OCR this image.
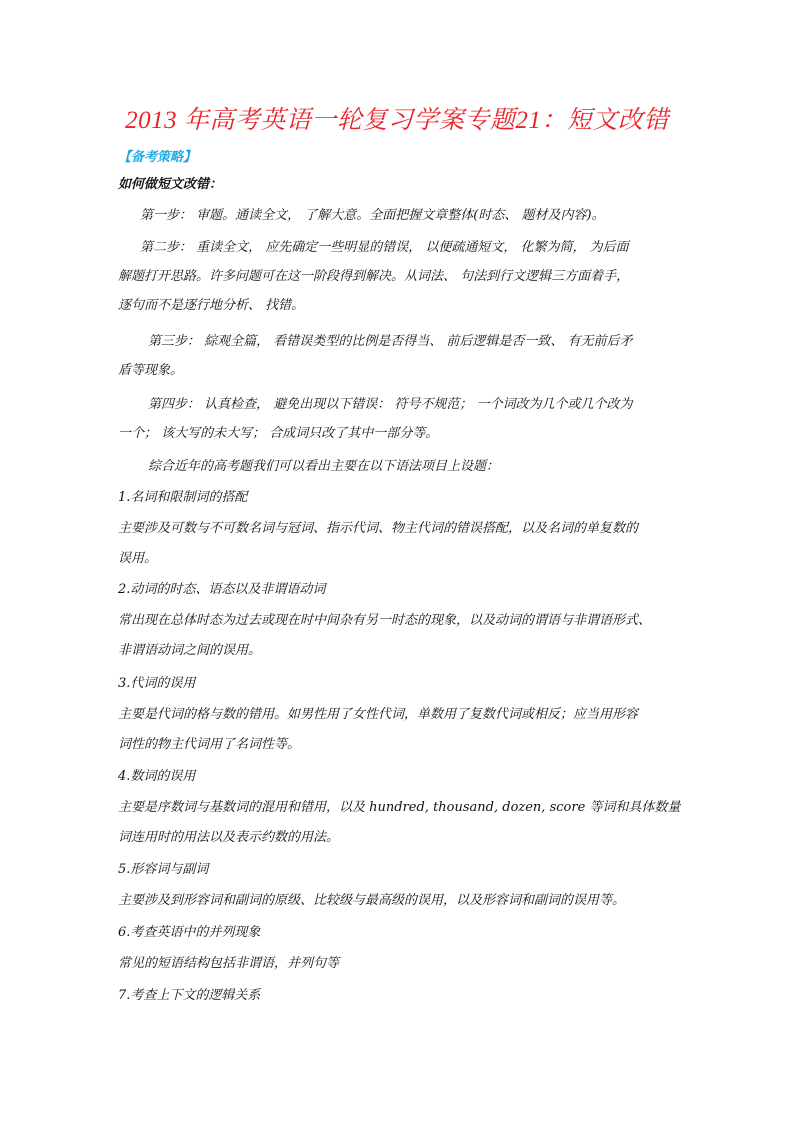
2013 年高考英语一轮复习学案专题21：短文改错
【备考策略】
如何做短文改错：
第一步： 审题。通读全文， 了解大意。全面把握文章整体(时态、 题材及内容)。
第二步： 重读全文， 应先确定一些明显的错误， 以便疏通短文， 化繁为简， 为后面
解题打开思路。许多问题可在这一阶段得到解决。从词法、 句法到行文逻辑三方面着手，
逐句而不是逐行地分析、 找错。
第三步： 綜观全篇， 看错误类型的比例是否得当、 前后逻辑是否一致、 有无前后矛
盾等现象。
第四步： 认真检查， 避免出现以下错误： 符号不规范； 一个词改为几个或几个改为
一个； 该大写的未大写； 合成词只改了其中一部分等。
综合近年的高考题我们可以看出主要在以下语法项目上设题：
1.名词和限制词的搭配
主要涉及可数与不可数名词与冠词、指示代词、物主代词的错误搭配，以及名词的单复数的
误用。
2.动词的时态、语态以及非谓语动词
常出现在总体时态为过去或现在时中间杂有另一时态的现象，以及动词的谓语与非谓语形式、
非谓语动词之间的误用。
3.代词的误用
主要是代词的格与数的错用。如男性用了女性代词，单数用了复数代词或相反；应当用形容
词性的物主代词用了名词性等。
4.数词的误用
主要是序数词与基数词的混用和错用，以及 hundred, thousand, dozen, score 等词和具体数量
词连用时的用法以及表示约数的用法。
5.形容词与副词
主要涉及到形容词和副词的原级、比较级与最高级的误用，以及形容词和副词的误用等。
6.考查英语中的并列现象
常见的短语结构包括非谓语，并列句等
7.考查上下文的逻辑关系
